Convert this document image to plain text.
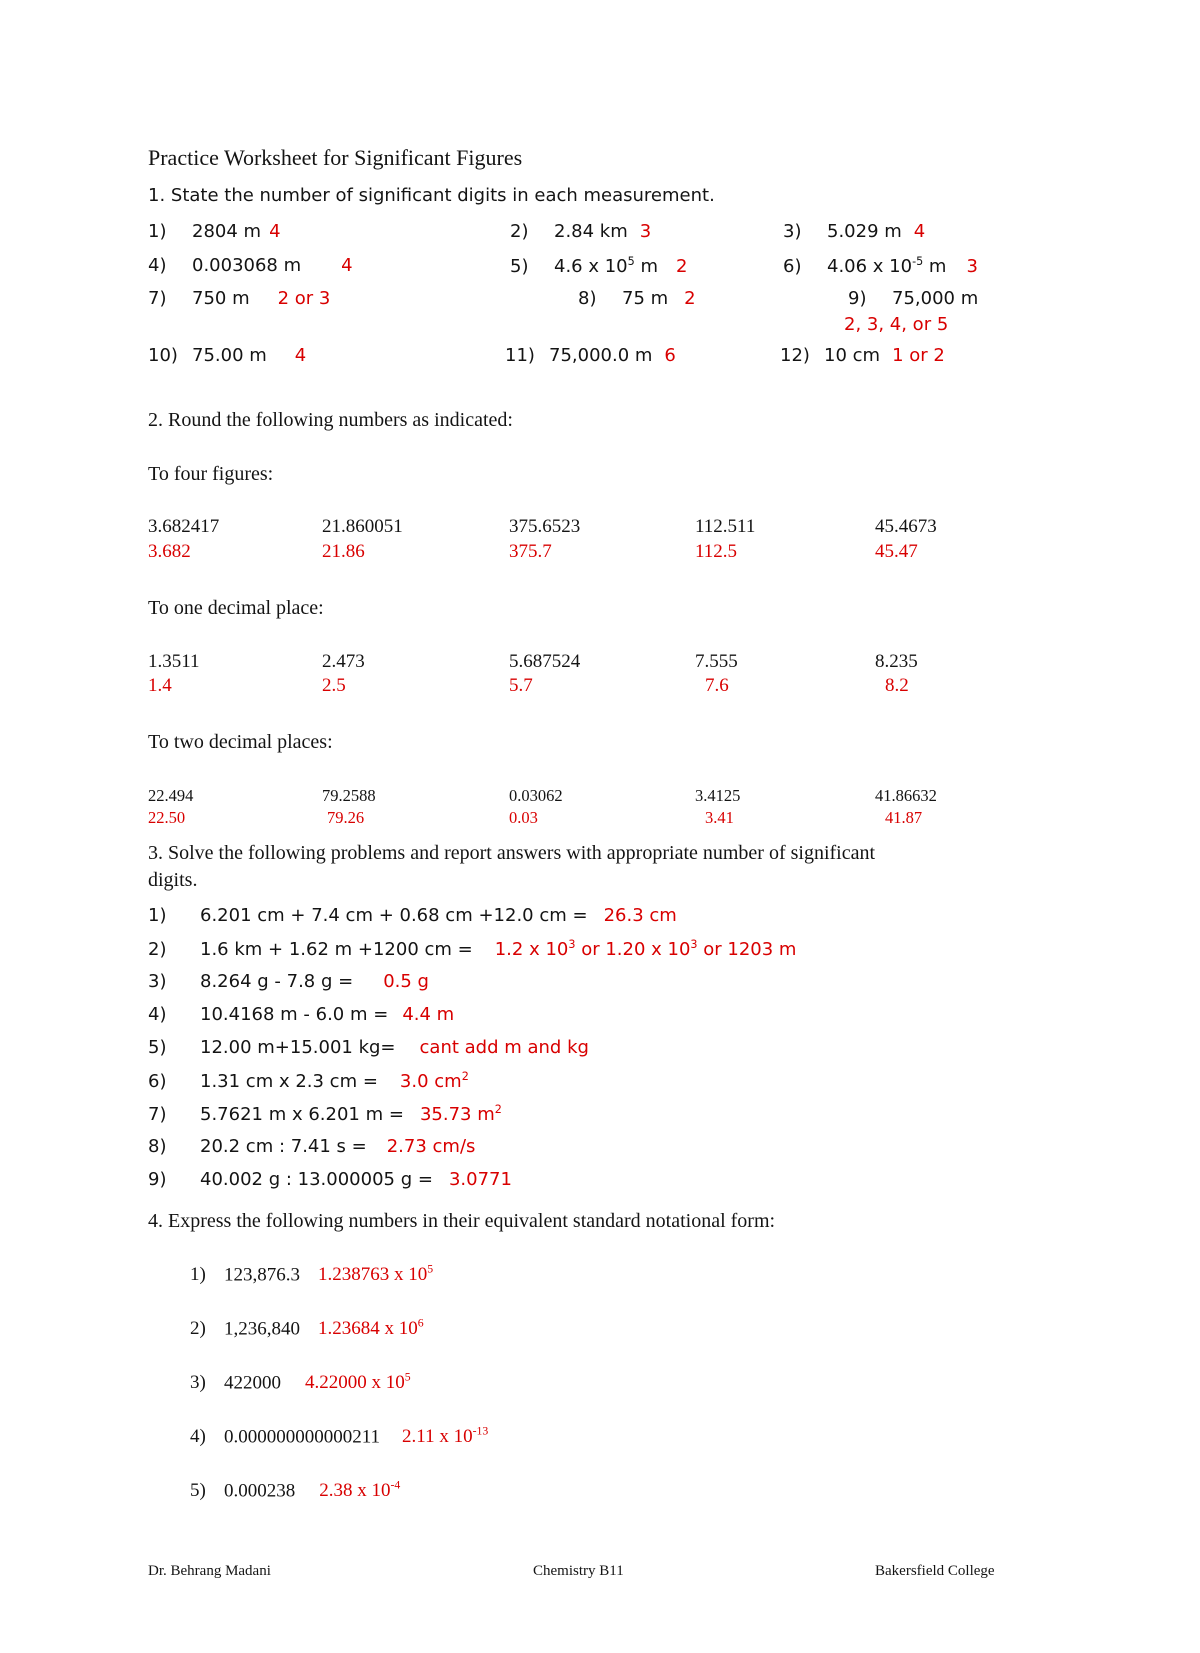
Practice Worksheet for Significant Figures
1. State the number of significant digits in each measurement.
1) 2804 m 4	2) 2.84 km 3	3) 5.029 m 4
4) 0.003068 m 4	5) 4.6 x $10^5$ m 2	6) 4.06 x $10^{-5}$ m 3
7) 750 m 2 or 3	8) 75 m 2	9) 75,000 m
2, 3, 4, or 5
10) 75.00 m 4	11) 75,000.0 m 6	12) 10 cm 1 or 2
2. Round the following numbers as indicated:
To four figures:
3.682417	21.860051	375.6523	112.511	45.4673
3.682	21.86	375.7	112.5	45.47
To one decimal place:
1.3511	2.473	5.687524	7.555	8.235
1.4	2.5	5.7	7.6	8.2
To two decimal places:
22.494	79.2588	0.03062	3.4125	41.86632
22.50	79.26	0.03	3.41	41.87
3. Solve the following problems and report answers with appropriate number of significant
digits.
1) 6.201 cm + 7.4 cm + 0.68 cm +12.0 cm = 26.3 cm
2) 1.6 km + 1.62 m +1200 cm = 1.2 x $10^3$ or 1.20 x $10^3$ or 1203 m
3) 8.264 g - 7.8 g = 0.5 g
4) 10.4168 m - 6.0 m = 4.4 m
5) 12.00 m+15.001 kg= cant add m and kg
6) 1.31 cm x 2.3 cm = 3.0 $cm^2$
7) 5.7621 m x 6.201 m = 35.73 $m^2$
8) 20.2 cm : 7.41 s = 2.73 cm/s
9) 40.002 g : 13.000005 g = 3.0771
4. Express the following numbers in their equivalent standard notational form:
1) 123,876.3 1.238763 x $10^5$
2) 1,236,840 1.23684 x $10^6$
3) 422000 4.22000 x $10^5$
4) 0.000000000000211 2.11 x $10^{-13}$
5) 0.000238 2.38 x $10^{-4}$
Dr. Behrang Madani	Chemistry B11	Bakersfield College
